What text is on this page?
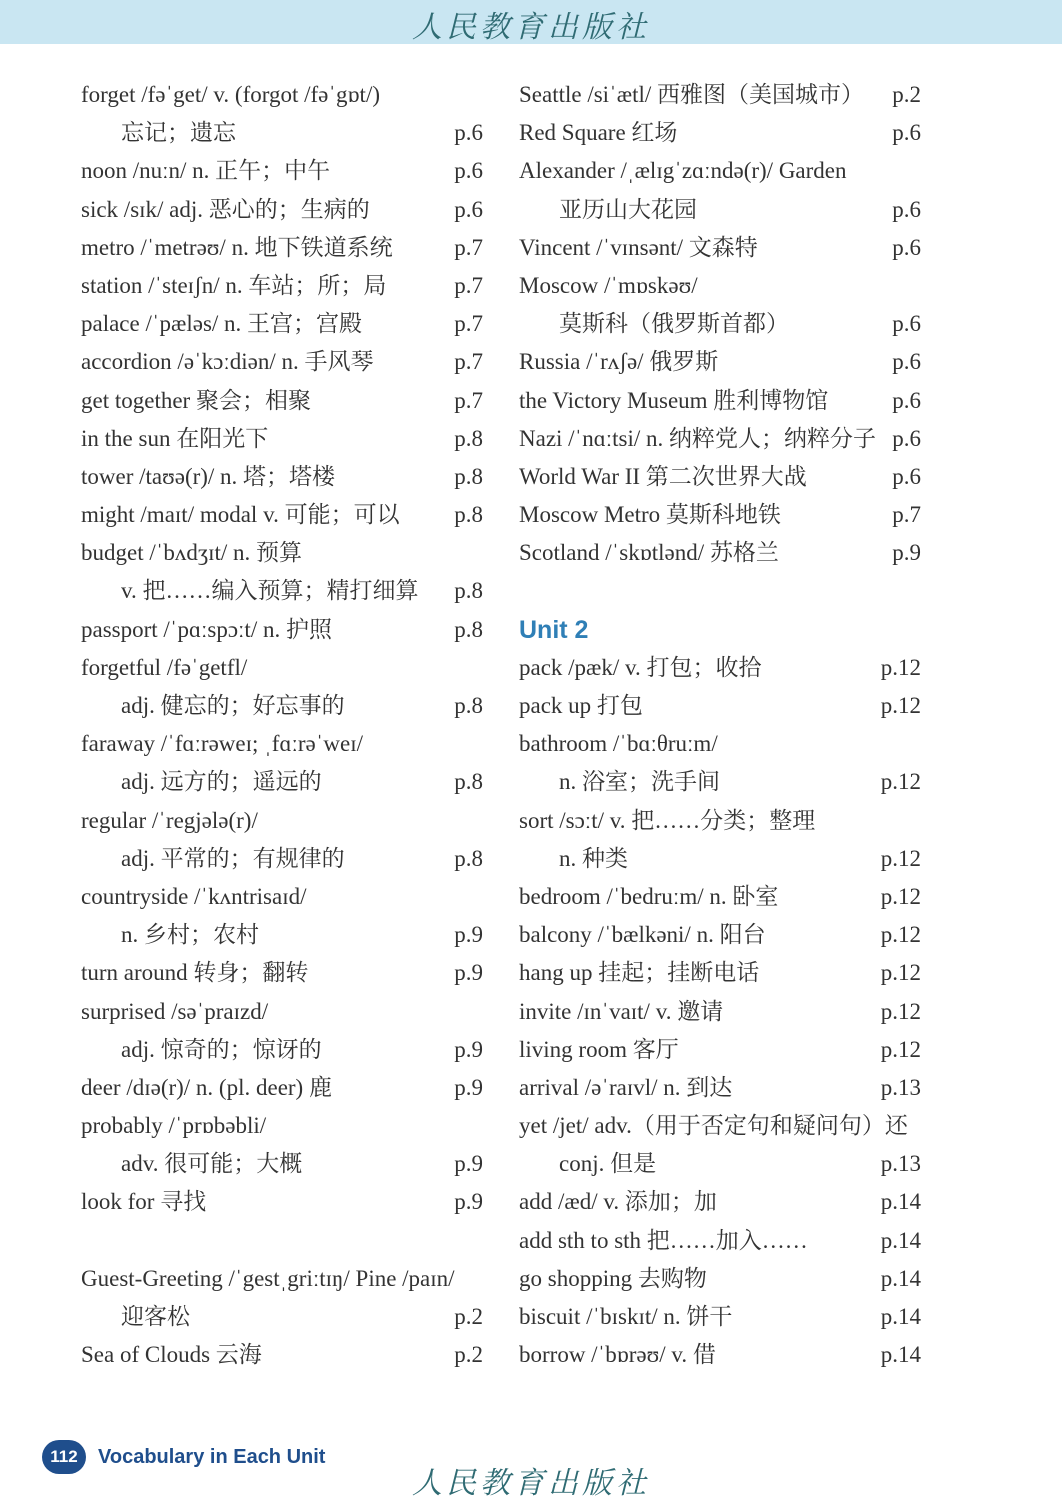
人民教育出版社
forget /fəˈget/ v. (forgot /fəˈgɒt/)
忘记；遗忘	p.6
noon /nuːn/ n. 正午；中午	p.6
sick /sɪk/ adj. 恶心的；生病的	p.6
metro /ˈmetrəʊ/ n. 地下铁道系统	p.7
station /ˈsteɪʃn/ n. 车站；所；局	p.7
palace /ˈpæləs/ n. 王宫；宫殿	p.7
accordion /əˈkɔːdiən/ n. 手风琴	p.7
get together 聚会；相聚	p.7
in the sun 在阳光下	p.8
tower /taʊə(r)/ n. 塔；塔楼	p.8
might /maɪt/ modal v. 可能；可以 p.8
budget /ˈbʌdʒɪt/ n. 预算
v. 把……编入预算；精打细算 p.8
passport /ˈpɑːspɔːt/ n. 护照	p.8
forgetful /fəˈgetfl/
adj. 健忘的；好忘事的	p.8
faraway /ˈfɑːrəweɪ; ˌfɑːrəˈweɪ/
adj. 远方的；遥远的	p.8
regular /ˈregjələ(r)/
adj. 平常的；有规律的	p.8
countryside /ˈkʌntrisaɪd/
n. 乡村；农村	p.9
turn around 转身；翻转	p.9
surprised /səˈpraɪzd/
adj. 惊奇的；惊讶的	p.9
deer /dɪə(r)/ n. (pl. deer) 鹿	p.9
probably /ˈprɒbəbli/
adv. 很可能；大概	p.9
look for 寻找	p.9
Guest-Greeting /ˈgestˌgriːtɪŋ/ Pine /paɪn/
迎客松	p.2
Sea of Clouds 云海	p.2
Seattle /siˈætl/ 西雅图（美国城市） p.2
Red Square 红场	p.6
Alexander /ˌælɪgˈzɑːndə(r)/ Garden
亚历山大花园	p.6
Vincent /ˈvɪnsənt/ 文森特	p.6
Moscow /ˈmɒskəʊ/
莫斯科（俄罗斯首都）	p.6
Russia /ˈrʌʃə/ 俄罗斯	p.6
the Victory Museum 胜利博物馆	p.6
Nazi /ˈnɑːtsi/ n. 纳粹党人；纳粹分子 p.6
World War II 第二次世界大战	p.6
Moscow Metro 莫斯科地铁	p.7
Scotland /ˈskɒtlənd/ 苏格兰	p.9
Unit 2
pack /pæk/ v. 打包；收拾	p.12
pack up 打包	p.12
bathroom /ˈbɑːθruːm/
n. 浴室；洗手间	p.12
sort /sɔːt/ v. 把……分类；整理
n. 种类	p.12
bedroom /ˈbedruːm/ n. 卧室	p.12
balcony /ˈbælkəni/ n. 阳台	p.12
hang up 挂起；挂断电话	p.12
invite /ɪnˈvaɪt/ v. 邀请	p.12
living room 客厅	p.12
arrival /əˈraɪvl/ n. 到达	p.13
yet /jet/ adv.（用于否定句和疑问句）还
conj. 但是	p.13
add /æd/ v. 添加；加	p.14
add sth to sth 把……加入……	p.14
go shopping 去购物	p.14
biscuit /ˈbɪskɪt/ n. 饼干	p.14
borrow /ˈbɒrəʊ/ v. 借	p.14
112	Vocabulary in Each Unit
人民教育出版社
